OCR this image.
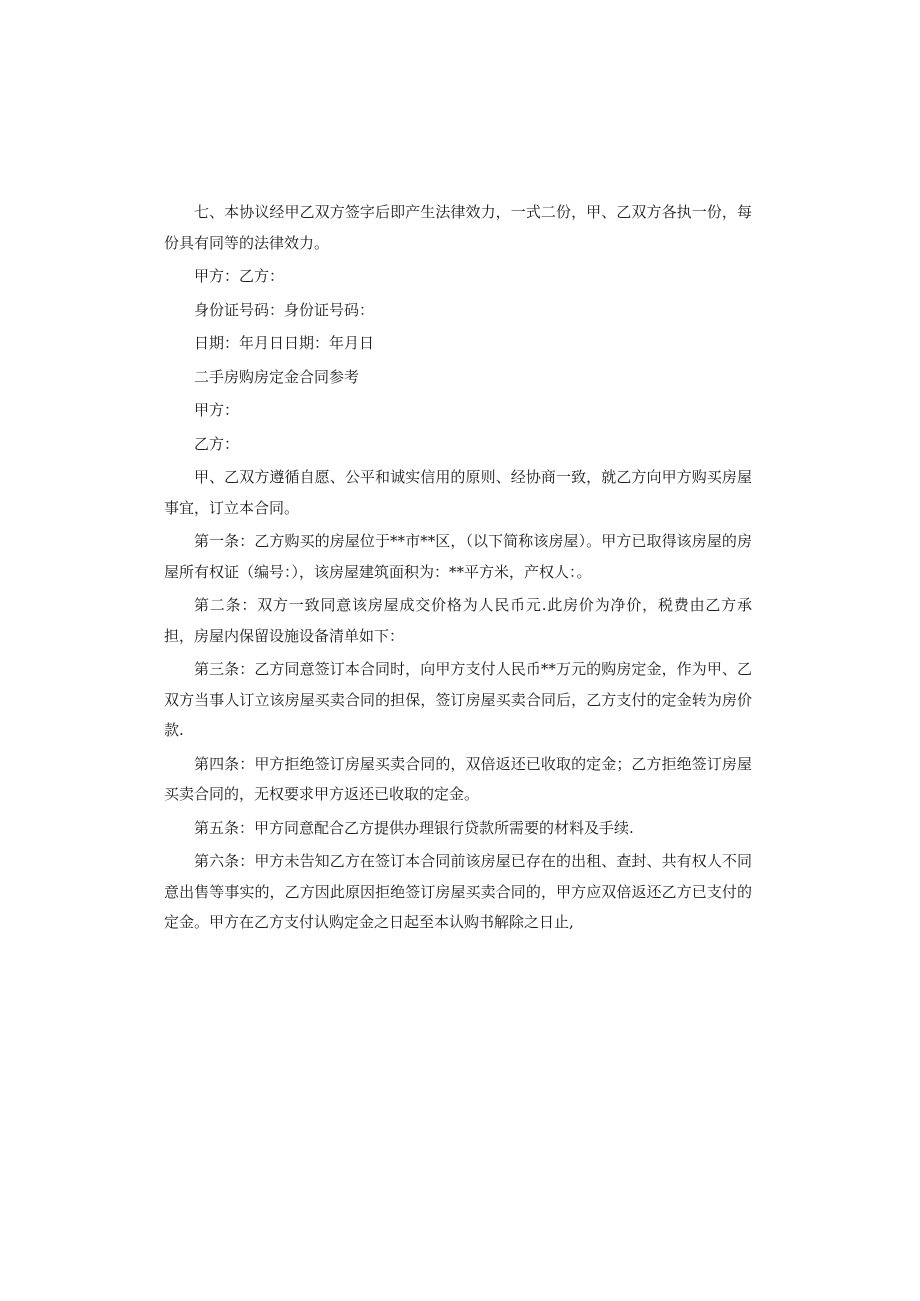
七、本协议经甲乙双方签字后即产生法律效力，一式二份，甲、乙双方各执一份，每份具有同等的法律效力。

甲方：乙方：

身份证号码：身份证号码：

日期：年月日日期：年月日

二手房购房定金合同参考

甲方：

乙方：

甲、乙双方遵循自愿、公平和诚实信用的原则、经协商一致，就乙方向甲方购买房屋事宜，订立本合同。

第一条：乙方购买的房屋位于**市**区，（以下简称该房屋）。甲方已取得该房屋的房屋所有权证（编号：），该房屋建筑面积为：**平方米，产权人：。

第二条：双方一致同意该房屋成交价格为人民币元.此房价为净价，税费由乙方承担，房屋内保留设施设备清单如下：

第三条：乙方同意签订本合同时，向甲方支付人民币**万元的购房定金，作为甲、乙双方当事人订立该房屋买卖合同的担保，签订房屋买卖合同后，乙方支付的定金转为房价款.

第四条：甲方拒绝签订房屋买卖合同的，双倍返还已收取的定金；乙方拒绝签订房屋买卖合同的，无权要求甲方返还已收取的定金。

第五条：甲方同意配合乙方提供办理银行贷款所需要的材料及手续.

第六条：甲方未告知乙方在签订本合同前该房屋已存在的出租、查封、共有权人不同意出售等事实的，乙方因此原因拒绝签订房屋买卖合同的，甲方应双倍返还乙方已支付的定金。甲方在乙方支付认购定金之日起至本认购书解除之日止,
